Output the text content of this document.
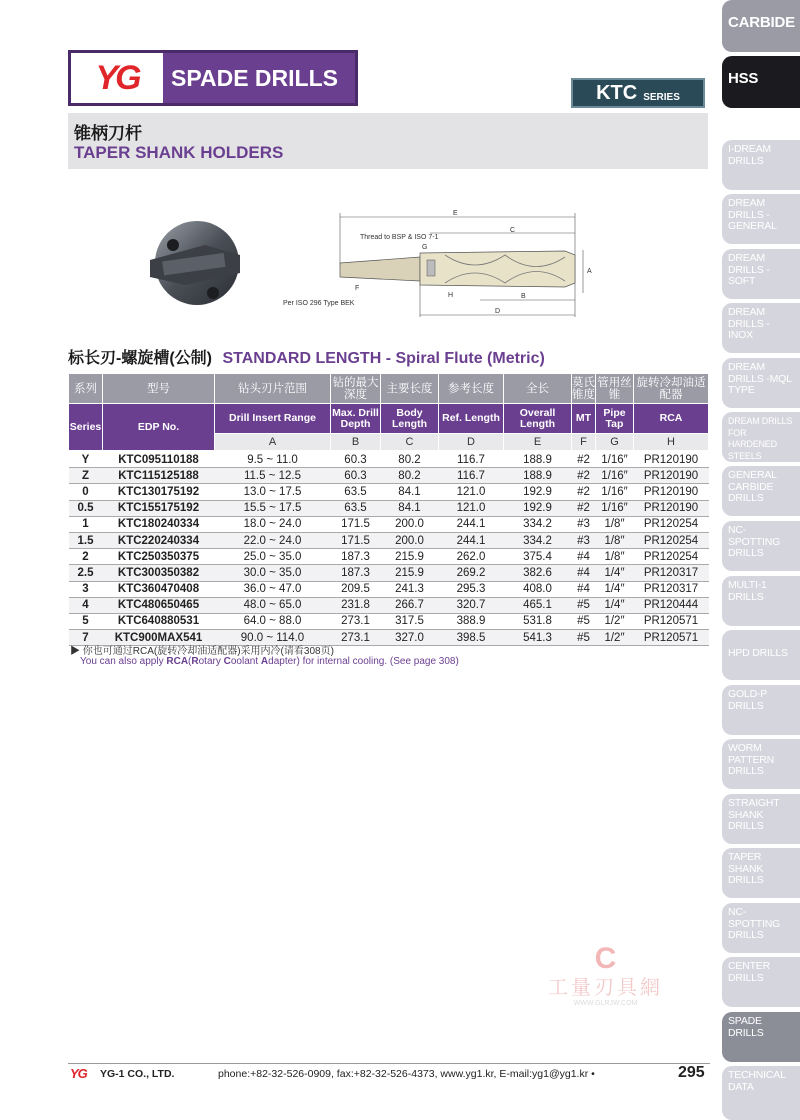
CARBIDE
HSS
I-DREAM DRILLS
DREAM DRILLS -GENERAL
DREAM DRILLS -SOFT
DREAM DRILLS -INOX
DREAM DRILLS -MQL TYPE
DREAM DRILLS FOR HARDENED STEELS
GENERAL CARBIDE DRILLS
NC-SPOTTING DRILLS
MULTI-1 DRILLS
HPD DRILLS
GOLD-P DRILLS
WORM PATTERN DRILLS
STRAIGHT SHANK DRILLS
TAPER SHANK DRILLS
NC-SPOTTING DRILLS
CENTER DRILLS
SPADE DRILLS
TECHNICAL DATA
YG	SPADE DRILLS
KTC SERIES
锥柄刀杆
TAPER SHANK HOLDERS
E
Thread to BSP & ISO 7-1
C
G
A
F
H	B
D
Per ISO 296 Type BEK
标长刃-螺旋槽(公制) STANDARD LENGTH - Spiral Flute (Metric)
系列	型号	钻头刃片范围	钻的最大深度	主要长度	参考长度	全长	莫氏锥度	管用丝锥	旋转冷却油适配器
Series	EDP No.	Drill Insert Range	Max. Drill Depth	Body Length	Ref. Length	Overall Length	MT	Pipe Tap	RCA
		A	B	C	D	E	F	G	H
Y	KTC095110188	9.5 ~ 11.0	60.3	80.2	116.7	188.9	#2	1/16″	PR120190
Z	KTC115125188	11.5 ~ 12.5	60.3	80.2	116.7	188.9	#2	1/16″	PR120190
0	KTC130175192	13.0 ~ 17.5	63.5	84.1	121.0	192.9	#2	1/16″	PR120190
0.5	KTC155175192	15.5 ~ 17.5	63.5	84.1	121.0	192.9	#2	1/16″	PR120190
1	KTC180240334	18.0 ~ 24.0	171.5	200.0	244.1	334.2	#3	1/8″	PR120254
1.5	KTC220240334	22.0 ~ 24.0	171.5	200.0	244.1	334.2	#3	1/8″	PR120254
2	KTC250350375	25.0 ~ 35.0	187.3	215.9	262.0	375.4	#4	1/8″	PR120254
2.5	KTC300350382	30.0 ~ 35.0	187.3	215.9	269.2	382.6	#4	1/4″	PR120317
3	KTC360470408	36.0 ~ 47.0	209.5	241.3	295.3	408.0	#4	1/4″	PR120317
4	KTC480650465	48.0 ~ 65.0	231.8	266.7	320.7	465.1	#5	1/4″	PR120444
5	KTC640880531	64.0 ~ 88.0	273.1	317.5	388.9	531.8	#5	1/2″	PR120571
7	KTC900MAX541	90.0 ~ 114.0	273.1	327.0	398.5	541.3	#5	1/2″	PR120571
▶ 你也可通过RCA(旋转冷却油适配器)采用内冷(请看308页)
You can also apply RCA(Rotary Coolant Adapter) for internal cooling. (See page 308)
C
工量刃具網
WWW.GLRJW.COM
YG YG-1 CO., LTD.	phone:+82-32-526-0909, fax:+82-32-526-4373, www.yg1.kr, E-mail:yg1@yg1.kr •	295
